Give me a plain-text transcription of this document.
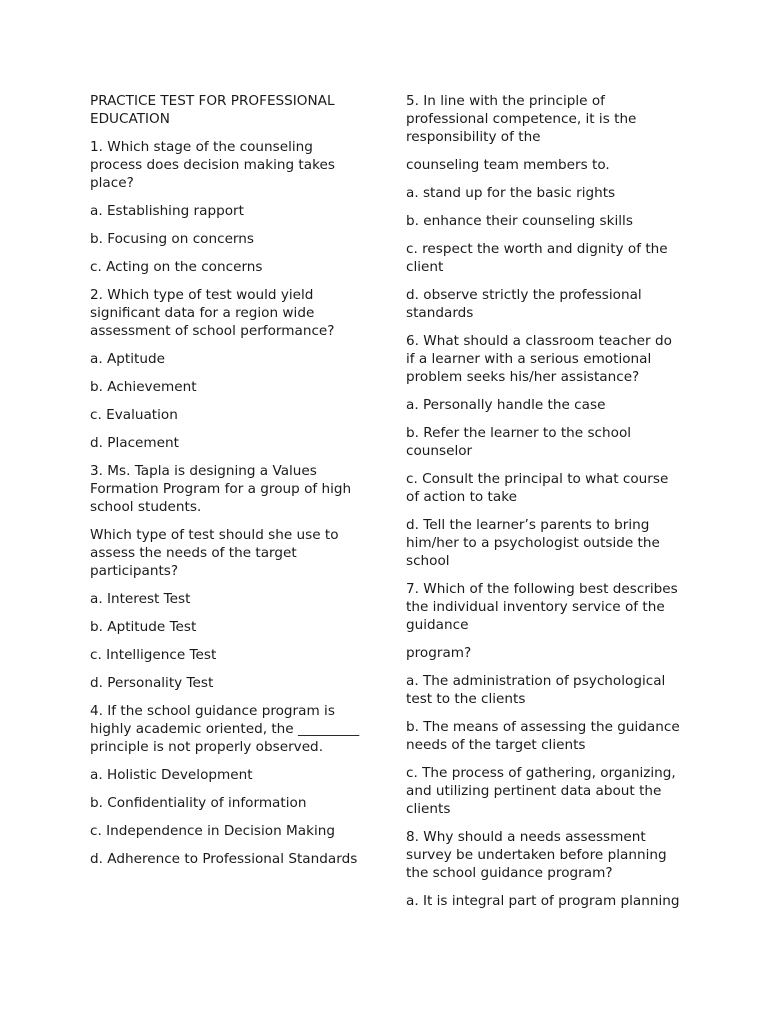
PRACTICE TEST FOR PROFESSIONAL EDUCATION

1. Which stage of the counseling process does decision making takes place?

a. Establishing rapport

b. Focusing on concerns

c. Acting on the concerns

2. Which type of test would yield significant data for a region wide assessment of school performance?

a. Aptitude

b. Achievement

c. Evaluation

d. Placement

3. Ms. Tapla is designing a Values Formation Program for a group of high school students.

Which type of test should she use to assess the needs of the target participants?

a. Interest Test

b. Aptitude Test

c. Intelligence Test

d. Personality Test

4. If the school guidance program is highly academic oriented, the _________ principle is not properly observed.

a. Holistic Development

b. Confidentiality of information

c. Independence in Decision Making

d. Adherence to Professional Standards

5. In line with the principle of professional competence, it is the responsibility of the

counseling team members to.

a. stand up for the basic rights

b. enhance their counseling skills

c. respect the worth and dignity of the client

d. observe strictly the professional standards

6. What should a classroom teacher do if a learner with a serious emotional problem seeks his/her assistance?

a. Personally handle the case

b. Refer the learner to the school counselor

c. Consult the principal to what course of action to take

d. Tell the learner’s parents to bring him/her to a psychologist outside the school

7. Which of the following best describes the individual inventory service of the guidance

program?

a. The administration of psychological test to the clients

b. The means of assessing the guidance needs of the target clients

c. The process of gathering, organizing, and utilizing pertinent data about the clients

8. Why should a needs assessment survey be undertaken before planning the school guidance program?

a. It is integral part of program planning
